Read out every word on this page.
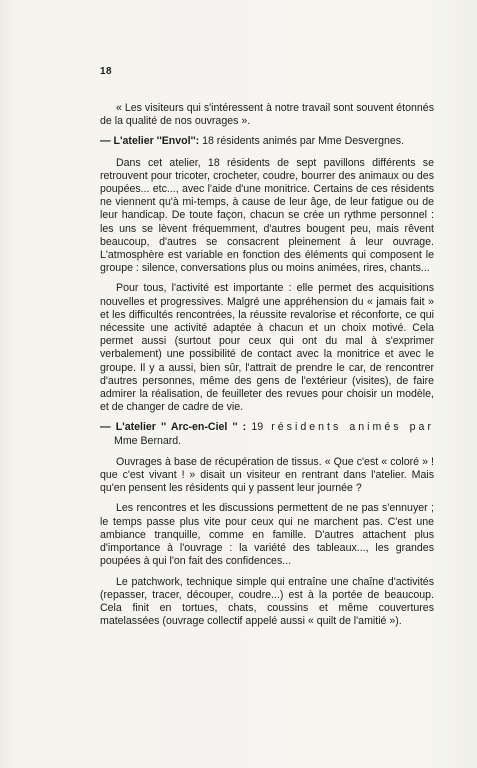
18

« Les visiteurs qui s'intéressent à notre travail sont souvent étonnés de la qualité de nos ouvrages ».

— L'atelier ''Envol'': 18 résidents animés par Mme Desvergnes.

Dans cet atelier, 18 résidents de sept pavillons différents se retrouvent pour tricoter, crocheter, coudre, bourrer des animaux ou des poupées... etc..., avec l'aide d'une monitrice. Certains de ces résidents ne viennent qu'à mi-temps, à cause de leur âge, de leur fatigue ou de leur handicap. De toute façon, chacun se crée un rythme personnel : les uns se lèvent fréquemment, d'autres bougent peu, mais rêvent beaucoup, d'autres se consacrent pleinement à leur ouvrage. L'atmosphère est variable en fonction des éléments qui composent le groupe : silence, conversations plus ou moins animées, rires, chants...

Pour tous, l'activité est importante : elle permet des acquisitions nouvelles et progressives. Malgré une appréhension du « jamais fait » et les difficultés rencontrées, la réussite revalorise et réconforte, ce qui nécessite une activité adaptée à chacun et un choix motivé. Cela permet aussi (surtout pour ceux qui ont du mal à s'exprimer verbalement) une possibilité de contact avec la monitrice et avec le groupe. Il y a aussi, bien sûr, l'attrait de prendre le car, de rencontrer d'autres personnes, même des gens de l'extérieur (visites), de faire admirer la réalisation, de feuilleter des revues pour choisir un modèle, et de changer de cadre de vie.

— L'atelier '' Arc-en-Ciel '' : 19 résidents animés par Mme Bernard.

Ouvrages à base de récupération de tissus. « Que c'est « coloré » ! que c'est vivant ! » disait un visiteur en rentrant dans l'atelier. Mais qu'en pensent les résidents qui y passent leur journée ?

Les rencontres et les discussions permettent de ne pas s'ennuyer ; le temps passe plus vite pour ceux qui ne marchent pas. C'est une ambiance tranquille, comme en famille. D'autres attachent plus d'importance à l'ouvrage : la variété des tableaux..., les grandes poupées à qui l'on fait des confidences...

Le patchwork, technique simple qui entraîne une chaîne d'activités (repasser, tracer, découper, coudre...) est à la portée de beaucoup. Cela finit en tortues, chats, coussins et même couvertures matelassées (ouvrage collectif appelé aussi « quilt de l'amitié »).
